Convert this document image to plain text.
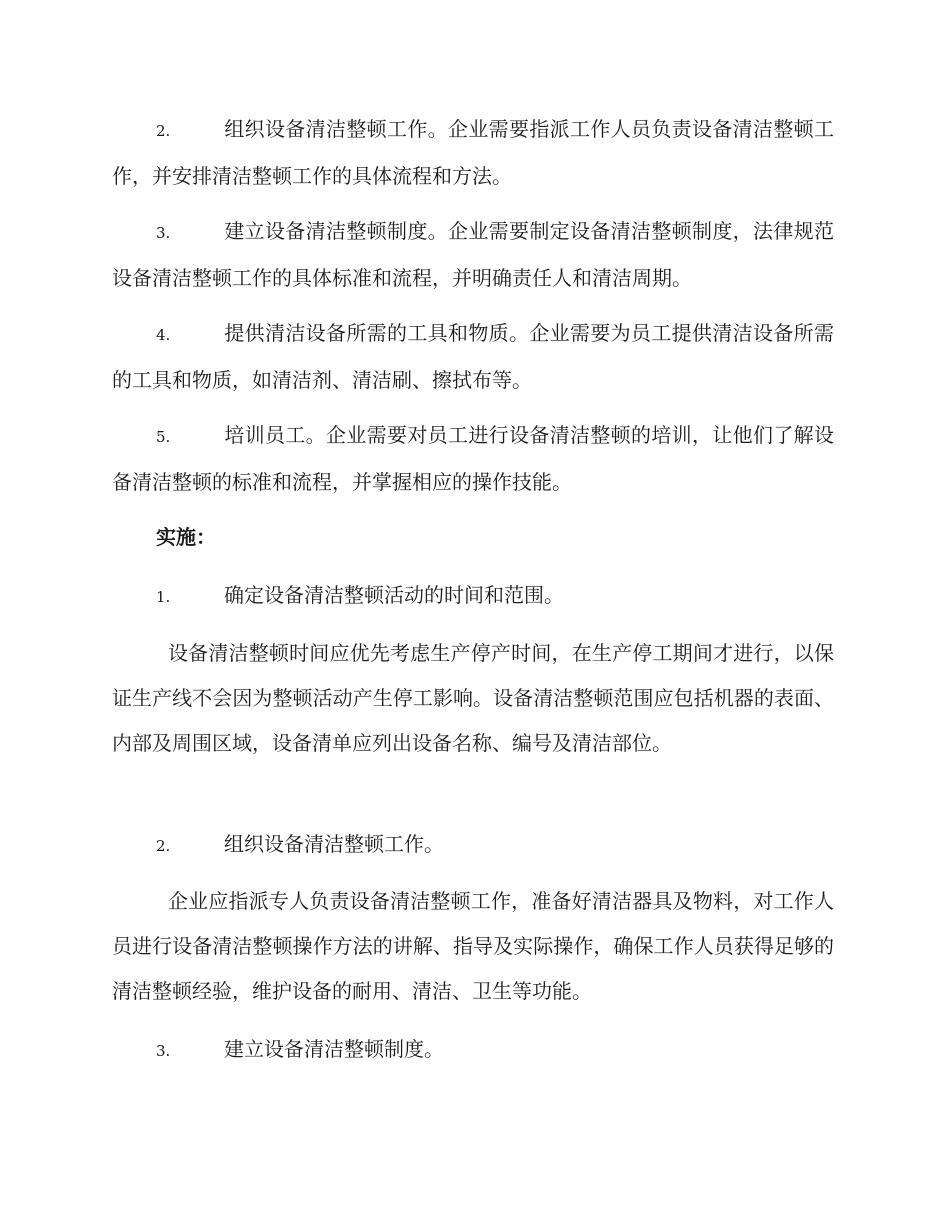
2.	组织设备清洁整顿工作。企业需要指派工作人员负责设备清洁整顿工作，并安排清洁整顿工作的具体流程和方法。

3.	建立设备清洁整顿制度。企业需要制定设备清洁整顿制度，法律规范设备清洁整顿工作的具体标准和流程，并明确责任人和清洁周期。

4.	提供清洁设备所需的工具和物质。企业需要为员工提供清洁设备所需的工具和物质，如清洁剂、清洁刷、擦拭布等。

5.	培训员工。企业需要对员工进行设备清洁整顿的培训，让他们了解设备清洁整顿的标准和流程，并掌握相应的操作技能。

实施：

1.	确定设备清洁整顿活动的时间和范围。

设备清洁整顿时间应优先考虑生产停产时间，在生产停工期间才进行，以保证生产线不会因为整顿活动产生停工影响。设备清洁整顿范围应包括机器的表面、内部及周围区域，设备清单应列出设备名称、编号及清洁部位。

2.	组织设备清洁整顿工作。

企业应指派专人负责设备清洁整顿工作，准备好清洁器具及物料，对工作人员进行设备清洁整顿操作方法的讲解、指导及实际操作，确保工作人员获得足够的清洁整顿经验，维护设备的耐用、清洁、卫生等功能。

3.	建立设备清洁整顿制度。
